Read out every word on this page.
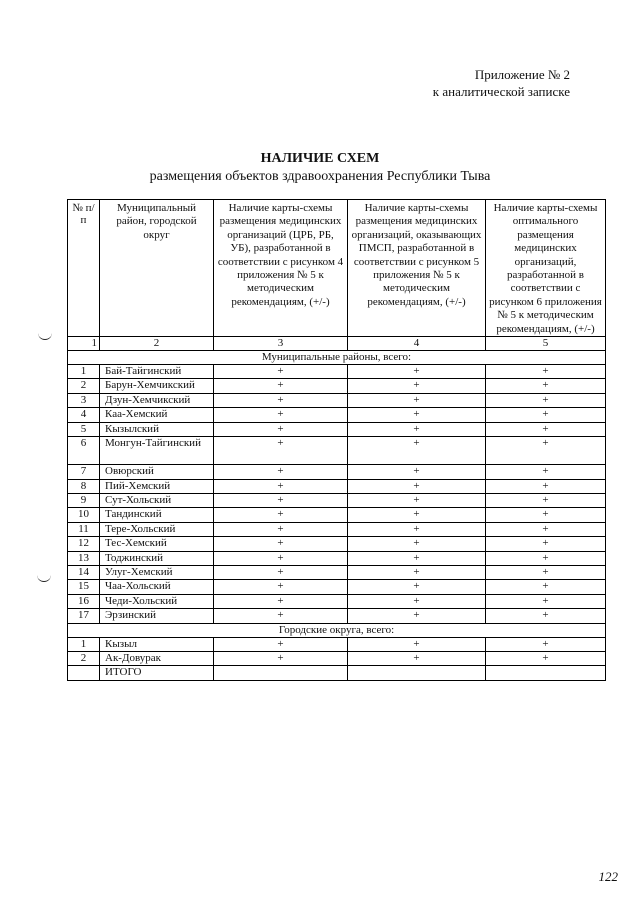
Приложение № 2
к аналитической записке
НАЛИЧИЕ СХЕМ
размещения объектов здравоохранения Республики Тыва
№ п/п	Муниципальный район, городской округ	Наличие карты-схемы размещения медицинских организаций (ЦРБ, РБ, УБ), разработанной в соответствии с рисунком 4 приложения № 5 к методическим рекомендациям, (+/-)	Наличие карты-схемы размещения медицинских организаций, оказывающих ПМСП, разработанной в соответствии с рисунком 5 приложения № 5 к методическим рекомендациям, (+/-)	Наличие карты-схемы оптимального размещения медицинских организаций, разработанной в соответствии с рисунком 6 приложения № 5 к методическим рекомендациям, (+/-)
1	2	3	4	5
Муниципальные районы, всего:				
1	Бай-Тайгинский	+	+	+
2	Барун-Хемчикский	+	+	+
3	Дзун-Хемчикский	+	+	+
4	Каа-Хемский	+	+	+
5	Кызылский	+	+	+
6	Монгун-Тайгинский	+	+	+
7	Овюрский	+	+	+
8	Пий-Хемский	+	+	+
9	Сут-Хольский	+	+	+
10	Тандинский	+	+	+
11	Тере-Хольский	+	+	+
12	Тес-Хемский	+	+	+
13	Тоджинский	+	+	+
14	Улуг-Хемский	+	+	+
15	Чаа-Хольский	+	+	+
16	Чеди-Хольский	+	+	+
17	Эрзинский	+	+	+
Городские округа, всего:				
1	Кызыл	+	+	+
2	Ак-Довурак	+	+	+
	ИТОГО			
122
